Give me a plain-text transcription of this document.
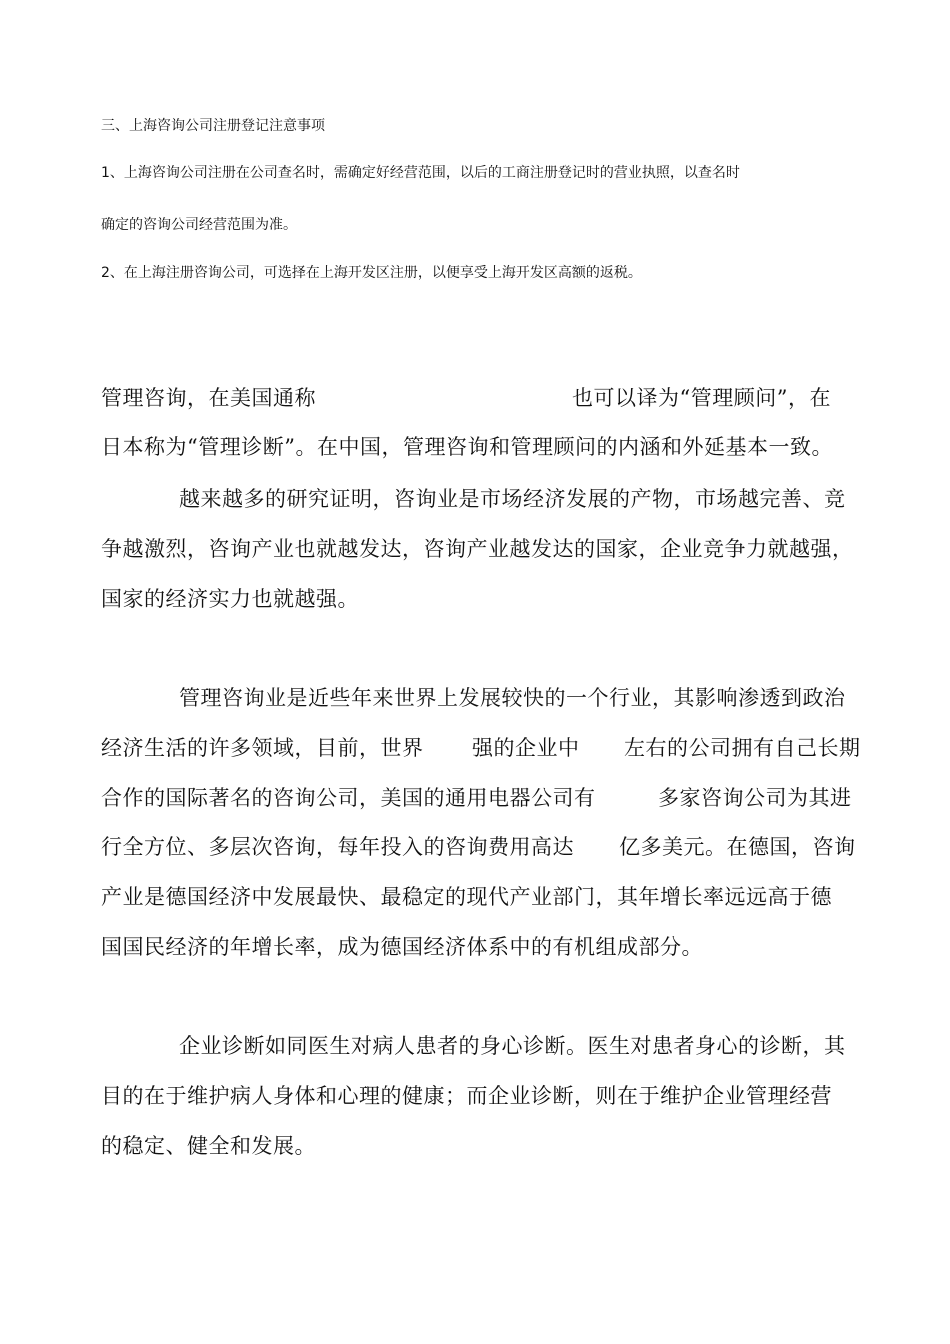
三、上海咨询公司注册登记注意事项
1、上海咨询公司注册在公司查名时，需确定好经营范围，以后的工商注册登记时的营业执照，以查名时
确定的咨询公司经营范围为准。
2、在上海注册咨询公司，可选择在上海开发区注册，以便享受上海开发区高额的返税。
管理咨询，在美国通称	也可以译为“管理顾问”，在
日本称为“管理诊断”。在中国，管理咨询和管理顾问的内涵和外延基本一致。
越来越多的研究证明，咨询业是市场经济发展的产物，市场越完善、竞
争越激烈，咨询产业也就越发达，咨询产业越发达的国家，企业竞争力就越强，
国家的经济实力也就越强。
管理咨询业是近些年来世界上发展较快的一个行业，其影响渗透到政治
经济生活的许多领域，目前，世界 强的企业中 左右的公司拥有自己长期
合作的国际著名的咨询公司，美国的通用电器公司有	多家咨询公司为其进
行全方位、多层次咨询，每年投入的咨询费用高达 亿多美元。在德国，咨询
产业是德国经济中发展最快、最稳定的现代产业部门，其年增长率远远高于德
国国民经济的年增长率，成为德国经济体系中的有机组成部分。
企业诊断如同医生对病人患者的身心诊断。医生对患者身心的诊断，其
目的在于维护病人身体和心理的健康；而企业诊断，则在于维护企业管理经营
的稳定、健全和发展。
